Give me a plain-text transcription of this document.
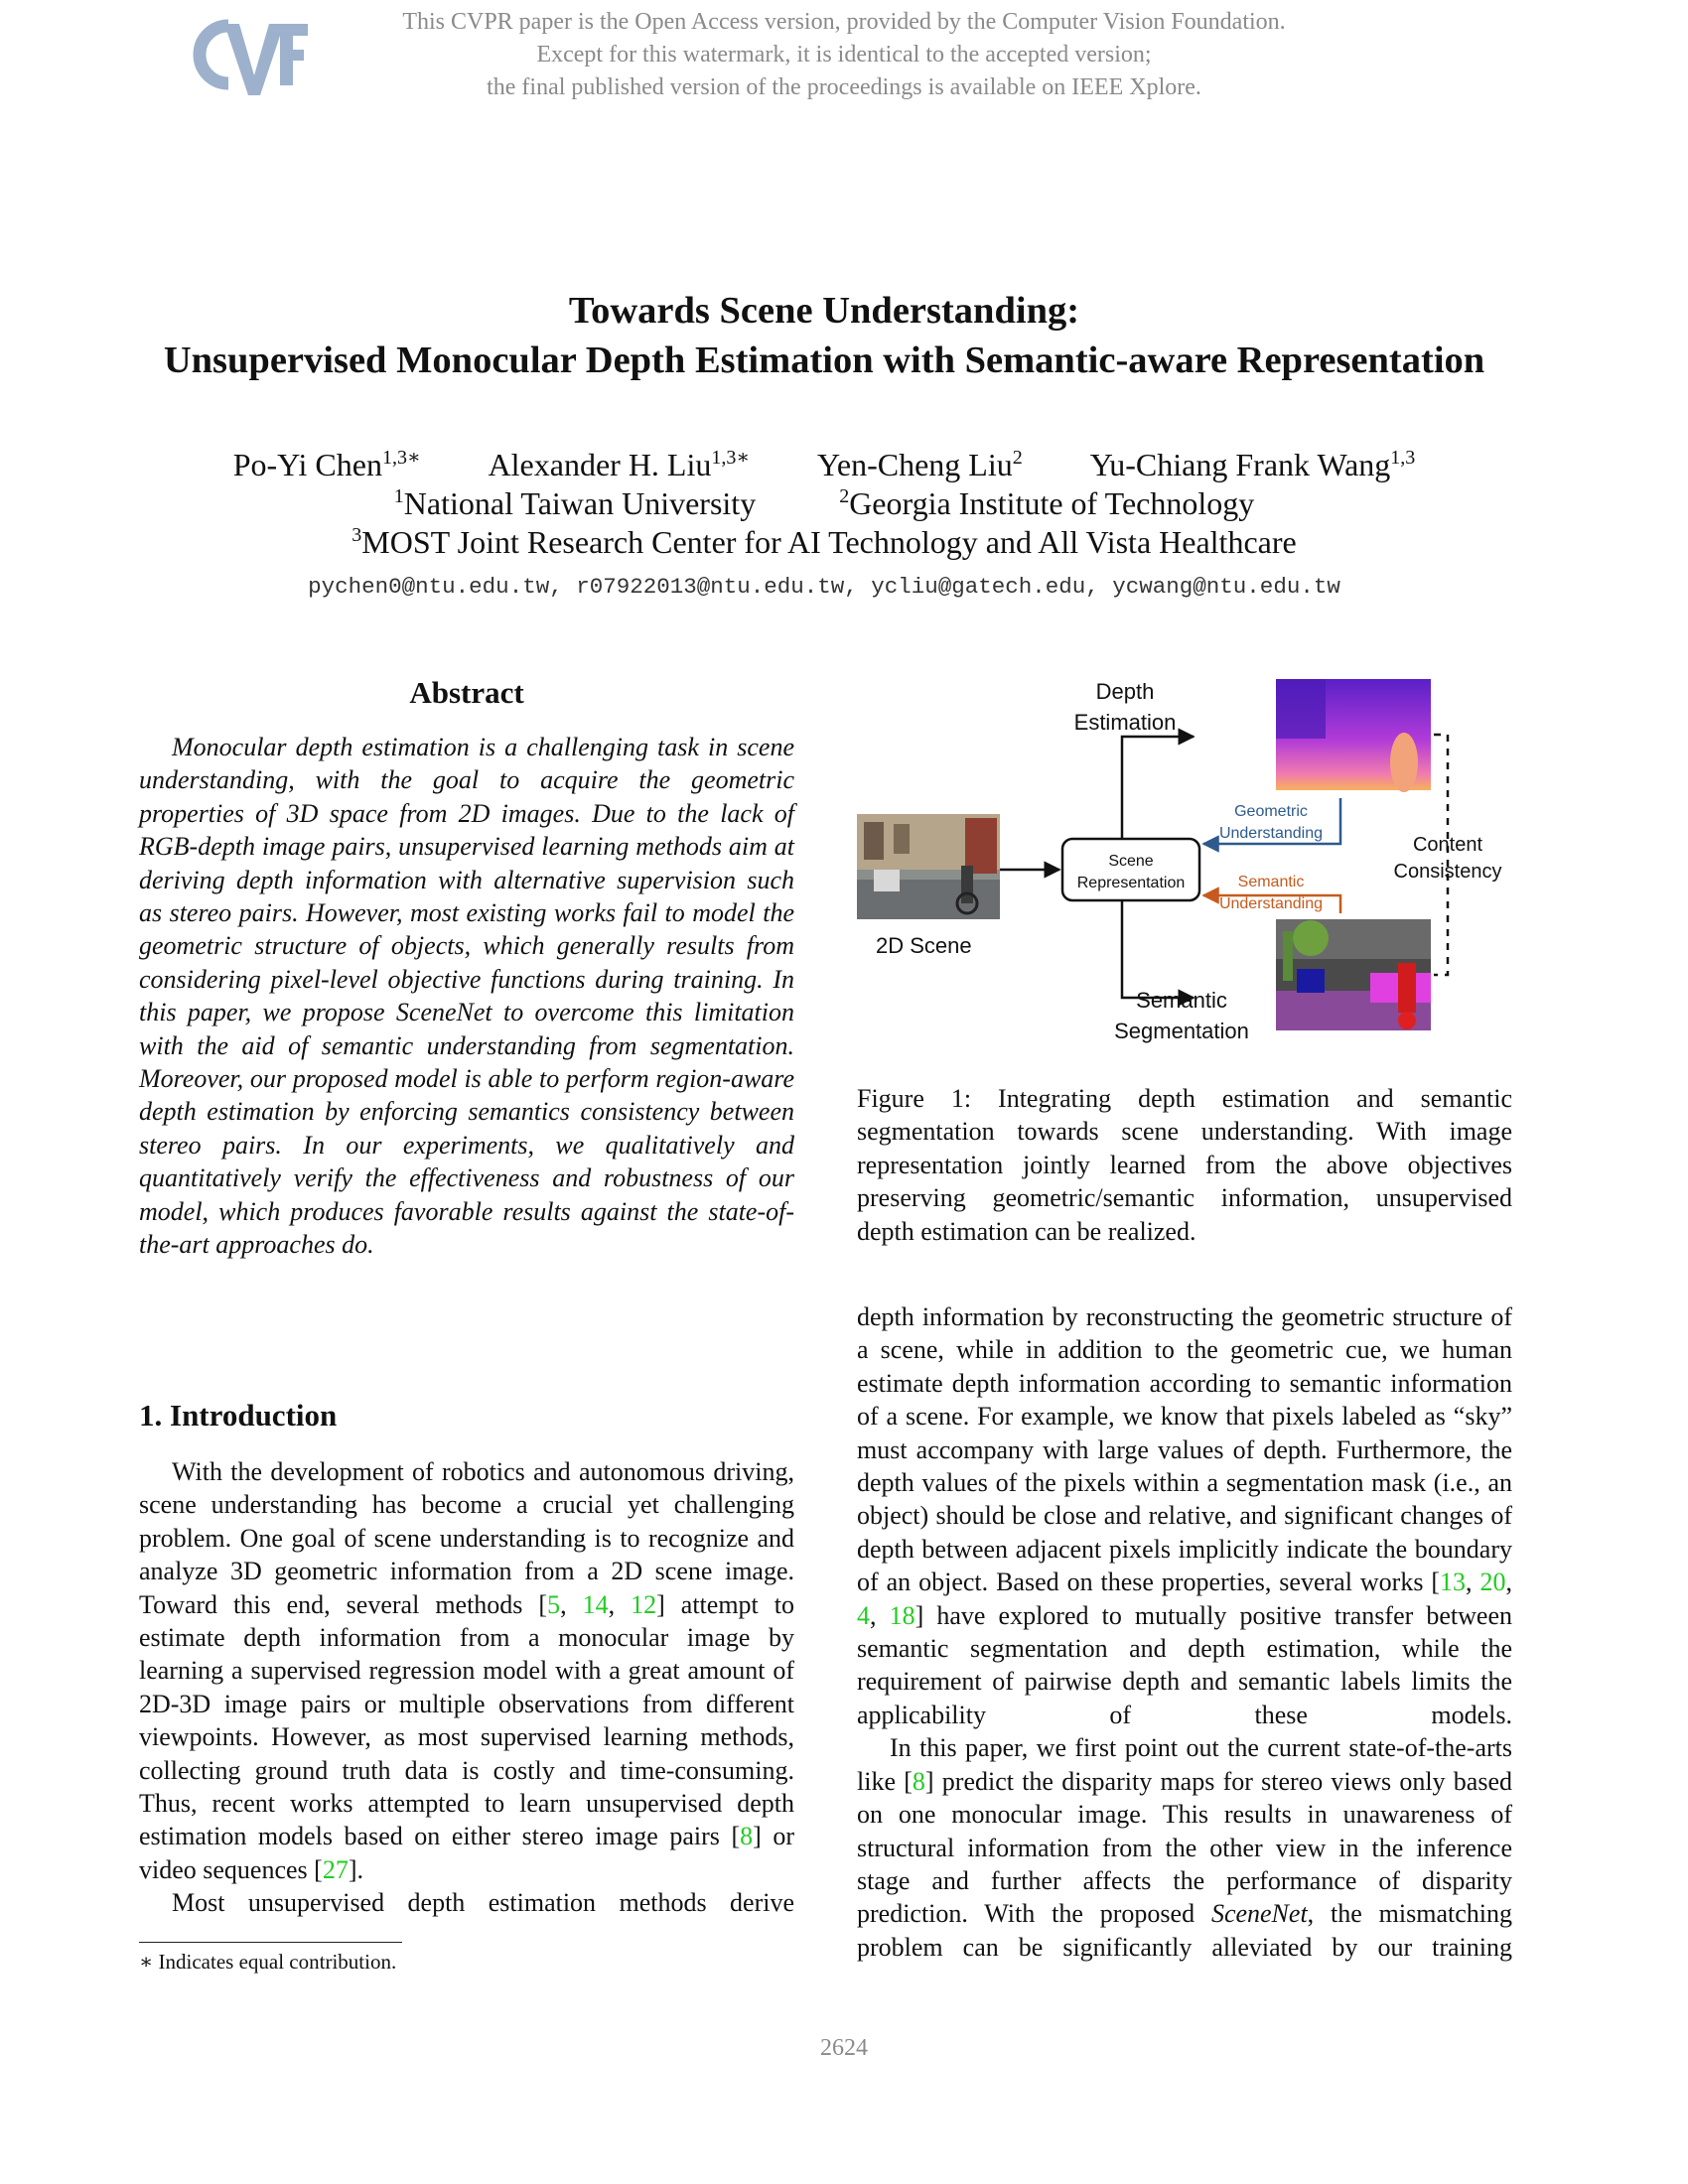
This CVPR paper is the Open Access version, provided by the Computer Vision Foundation.
Except for this watermark, it is identical to the accepted version;
the final published version of the proceedings is available on IEEE Xplore.
Towards Scene Understanding:
Unsupervised Monocular Depth Estimation with Semantic-aware Representation
Po-Yi Chen$^{1,3∗}$ Alexander H. Liu$^{1,3∗}$ Yen-Cheng Liu$^2$ Yu-Chiang Frank Wang$^{1,3}$
$^1$National Taiwan University	$^2$Georgia Institute of Technology
$^3$MOST Joint Research Center for AI Technology and All Vista Healthcare
pychen0@ntu.edu.tw, r07922013@ntu.edu.tw, ycliu@gatech.edu, ycwang@ntu.edu.tw
Abstract

Monocular depth estimation is a challenging task in scene understanding, with the goal to acquire the geometric properties of 3D space from 2D images. Due to the lack of RGB-depth image pairs, unsupervised learning methods aim at deriving depth information with alternative supervision such as stereo pairs. However, most existing works fail to model the geometric structure of objects, which generally results from considering pixel-level objective functions during training. In this paper, we propose SceneNet to overcome this limitation with the aid of semantic understanding from segmentation. Moreover, our proposed model is able to perform region-aware depth estimation by enforcing semantics consistency between stereo pairs. In our experiments, we qualitatively and quantitatively verify the effectiveness and robustness of our model, which produces favorable results against the state-of-the-art approaches do.

1. Introduction

With the development of robotics and autonomous driving, scene understanding has become a crucial yet challenging problem. One goal of scene understanding is to recognize and analyze 3D geometric information from a 2D scene image. Toward this end, several methods [5, 14, 12] attempt to estimate depth information from a monocular image by learning a supervised regression model with a great amount of 2D-3D image pairs or multiple observations from different viewpoints. However, as most supervised learning methods, collecting ground truth data is costly and time-consuming. Thus, recent works attempted to learn unsupervised depth estimation models based on either stereo image pairs [8] or video sequences [27].

Most unsupervised depth estimation methods derive

∗ Indicates equal contribution.
2D Scene
Scene
Representation
Depth
Estimation
Semantic
Segmentation
Geometric
Understanding
Semantic
Understanding
Content
Consistency

Figure 1: Integrating depth estimation and semantic segmentation towards scene understanding. With image representation jointly learned from the above objectives preserving geometric/semantic information, unsupervised depth estimation can be realized.

depth information by reconstructing the geometric structure of a scene, while in addition to the geometric cue, we human estimate depth information according to semantic information of a scene. For example, we know that pixels labeled as “sky” must accompany with large values of depth. Furthermore, the depth values of the pixels within a segmentation mask (i.e., an object) should be close and relative, and significant changes of depth between adjacent pixels implicitly indicate the boundary of an object. Based on these properties, several works [13, 20, 4, 18] have explored to mutually positive transfer between semantic segmentation and depth estimation, while the requirement of pairwise depth and semantic labels limits the applicability of these models.

In this paper, we first point out the current state-of-the-arts like [8] predict the disparity maps for stereo views only based on one monocular image. This results in unawareness of structural information from the other view in the inference stage and further affects the performance of disparity prediction. With the proposed SceneNet, the mismatching problem can be significantly alleviated by our training

2624
